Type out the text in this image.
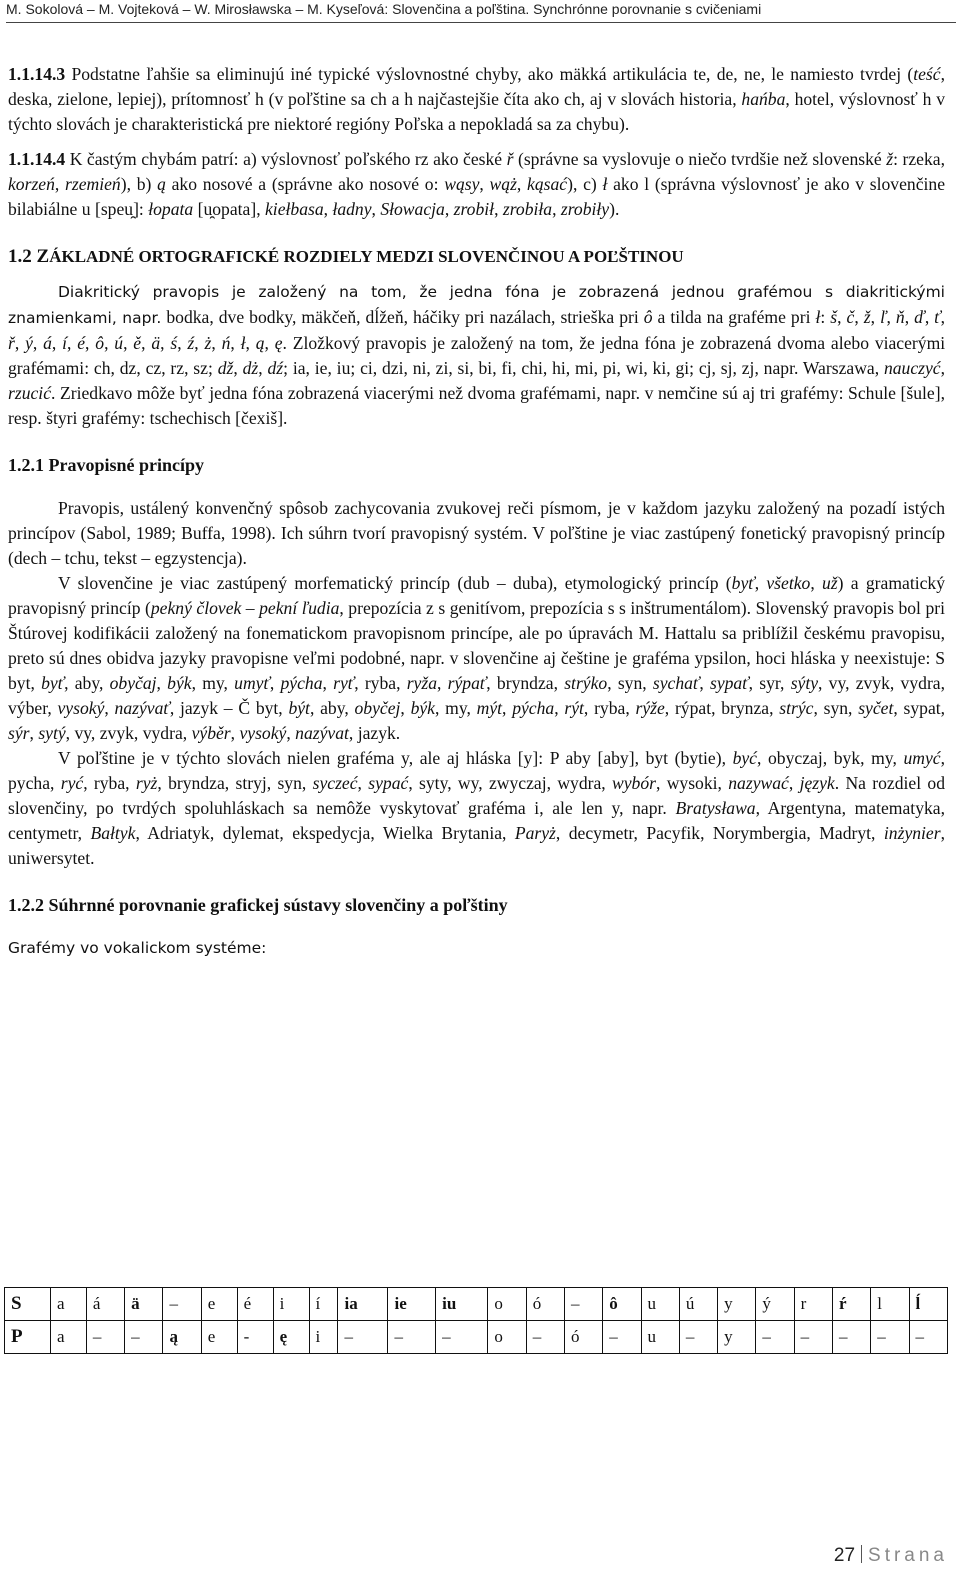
M. Sokolová – M. Vojteková – W. Mirosławska – M. Kyseľová: Slovenčina a poľština. Synchrónne porovnanie s cvičeniami

1.1.14.3 Podstatne ľahšie sa eliminujú iné typické výslovnostné chyby, ako mäkká artikulácia te, de, ne, le namiesto tvrdej (teść, deska, zielone, lepiej), prítomnosť h (v poľštine sa ch a h najčastejšie číta ako ch, aj v slovách historia, hańba, hotel, výslovnosť h v týchto slovách je charakteristická pre niektoré regióny Poľska a nepokladá sa za chybu).

1.1.14.4 K častým chybám patrí: a) výslovnosť poľského rz ako české ř (správne sa vyslovuje o niečo tvrdšie než slovenské ž: rzeka, korzeń, rzemień), b) ą ako nosové a (správne ako nosové o: wąsy, wąż, kąsać), c) ł ako l (správna výslovnosť je ako v slovenčine bilabiálne u [speu̯]: łopata [u̯opata], kiełbasa, ładny, Słowacja, zrobił, zrobiła, zrobiły).

1.2 ZÁKLADNÉ ORTOGRAFICKÉ ROZDIELY MEDZI SLOVENČINOU A POĽŠTINOU

Diakritický pravopis je založený na tom, že jedna fóna je zobrazená jednou grafémou s diakritickými znamienkami, napr. bodka, dve bodky, mäkčeň, dĺžeň, háčiky pri nazálach, strieška pri ô a tilda na graféme pri ł: š, č, ž, ľ, ň, ď, ť, ř, ý, á, í, é, ô, ú, ě, ä, ś, ź, ż, ń, ł, ą, ę. Zložkový pravopis je založený na tom, že jedna fóna je zobrazená dvoma alebo viacerými grafémami: ch, dz, cz, rz, sz; dž, dż, dź; ia, ie, iu; ci, dzi, ni, zi, si, bi, fi, chi, hi, mi, pi, wi, ki, gi; cj, sj, zj, napr. Warszawa, nauczyć, rzucić. Zriedkavo môže byť jedna fóna zobrazená viacerými než dvoma grafémami, napr. v nemčine sú aj tri grafémy: Schule [šule], resp. štyri grafémy: tschechisch [čexiš].

1.2.1 Pravopisné princípy

Pravopis, ustálený konvenčný spôsob zachycovania zvukovej reči písmom, je v každom jazyku založený na pozadí istých princípov (Sabol, 1989; Buffa, 1998). Ich súhrn tvorí pravopisný systém. V poľštine je viac zastúpený fonetický pravopisný princíp (dech – tchu, tekst – egzystencja).

V slovenčine je viac zastúpený morfematický princíp (dub – duba), etymologický princíp (byť, všetko, už) a gramatický pravopisný princíp (pekný človek – pekní ľudia, prepozícia z s genitívom, prepozícia s s inštrumentálom). Slovenský pravopis bol pri Štúrovej kodifikácii založený na fonematickom pravopisnom princípe, ale po úpravách M. Hattalu sa priblížil českému pravopisu, preto sú dnes obidva jazyky pravopisne veľmi podobné, napr. v slovenčine aj češtine je graféma ypsilon, hoci hláska y neexistuje: S byt, byť, aby, obyčaj, býk, my, umyť, pýcha, ryť, ryba, ryža, rýpať, bryndza, strýko, syn, sychať, sypať, syr, sýty, vy, zvyk, vydra, výber, vysoký, nazývať, jazyk – Č byt, být, aby, obyčej, býk, my, mýt, pýcha, rýt, ryba, rýže, rýpat, brynza, strýc, syn, syčet, sypat, sýr, sytý, vy, zvyk, vydra, výběr, vysoký, nazývat, jazyk.

V poľštine je v týchto slovách nielen graféma y, ale aj hláska [y]: P aby [aby], byt (bytie), być, obyczaj, byk, my, umyć, pycha, ryć, ryba, ryż, bryndza, stryj, syn, syczeć, sypać, syty, wy, zwyczaj, wydra, wybór, wysoki, nazywać, język. Na rozdiel od slovenčiny, po tvrdých spoluhláskach sa nemôže vyskytovať graféma i, ale len y, napr. Bratysława, Argentyna, matematyka, centymetr, Bałtyk, Adriatyk, dylemat, ekspedycja, Wielka Brytania, Paryż, decymetr, Pacyfik, Norymbergia, Madryt, inżynier, uniwersytet.

1.2.2 Súhrnné porovnanie grafickej sústavy slovenčiny a poľštiny

Grafémy vo vokalickom systéme:

S	a	á	ä	–	e	é	i	í	ia	ie	iu	o	ó	–	ô	u	ú	y	ý	r	ŕ	l	ĺ
P	a	–	–	ą	e	-	ę	i	–	–	–	o	–	ó	–	u	–	y	–	–	–	–	–
27 Strana
